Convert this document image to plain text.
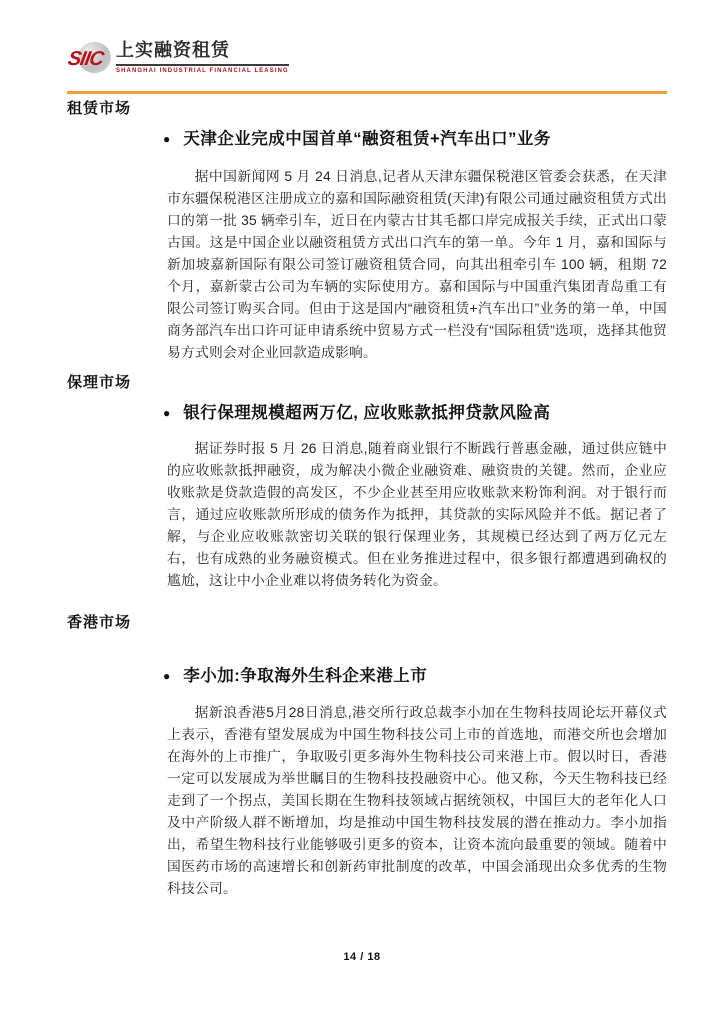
SIIC 上实融资租赁
SHANGHAI INDUSTRIAL FINANCIAL LEASING
租赁市场
● 天津企业完成中国首单“融资租赁+汽车出口”业务

据中国新闻网 5 月 24 日消息,记者从天津东疆保税港区管委会获悉，在天津市东疆保税港区注册成立的嘉和国际融资租赁(天津)有限公司通过融资租赁方式出口的第一批 35 辆牵引车，近日在内蒙古甘其毛都口岸完成报关手续，正式出口蒙古国。这是中国企业以融资租赁方式出口汽车的第一单。今年 1 月，嘉和国际与新加坡嘉新国际有限公司签订融资租赁合同，向其出租牵引车 100 辆，租期 72 个月，嘉新蒙古公司为车辆的实际使用方。嘉和国际与中国重汽集团青岛重工有限公司签订购买合同。但由于这是国内“融资租赁+汽车出口”业务的第一单，中国商务部汽车出口许可证申请系统中贸易方式一栏没有“国际租赁”选项，选择其他贸易方式则会对企业回款造成影响。

保理市场
● 银行保理规模超两万亿, 应收账款抵押贷款风险高

据证券时报 5 月 26 日消息,随着商业银行不断践行普惠金融，通过供应链中的应收账款抵押融资，成为解决小微企业融资难、融资贵的关键。然而，企业应收账款是贷款造假的高发区，不少企业甚至用应收账款来粉饰利润。对于银行而言，通过应收账款所形成的债务作为抵押，其贷款的实际风险并不低。据记者了解，与企业应收账款密切关联的银行保理业务，其规模已经达到了两万亿元左右，也有成熟的业务融资模式。但在业务推进过程中，很多银行都遭遇到确权的尴尬，这让中小企业难以将债务转化为资金。

香港市场
● 李小加:争取海外生科企来港上市

据新浪香港5月28日消息,港交所行政总裁李小加在生物科技周论坛开幕仪式上表示，香港有望发展成为中国生物科技公司上市的首选地，而港交所也会增加在海外的上市推广，争取吸引更多海外生物科技公司来港上市。假以时日，香港一定可以发展成为举世瞩目的生物科技投融资中心。他又称，今天生物科技已经走到了一个拐点，美国长期在生物科技领域占据统领权，中国巨大的老年化人口及中产阶级人群不断增加，均是推动中国生物科技发展的潜在推动力。李小加指出，希望生物科技行业能够吸引更多的资本，让资本流向最重要的领域。随着中国医药市场的高速增长和创新药审批制度的改革，中国会涌现出众多优秀的生物科技公司。

14 / 18
